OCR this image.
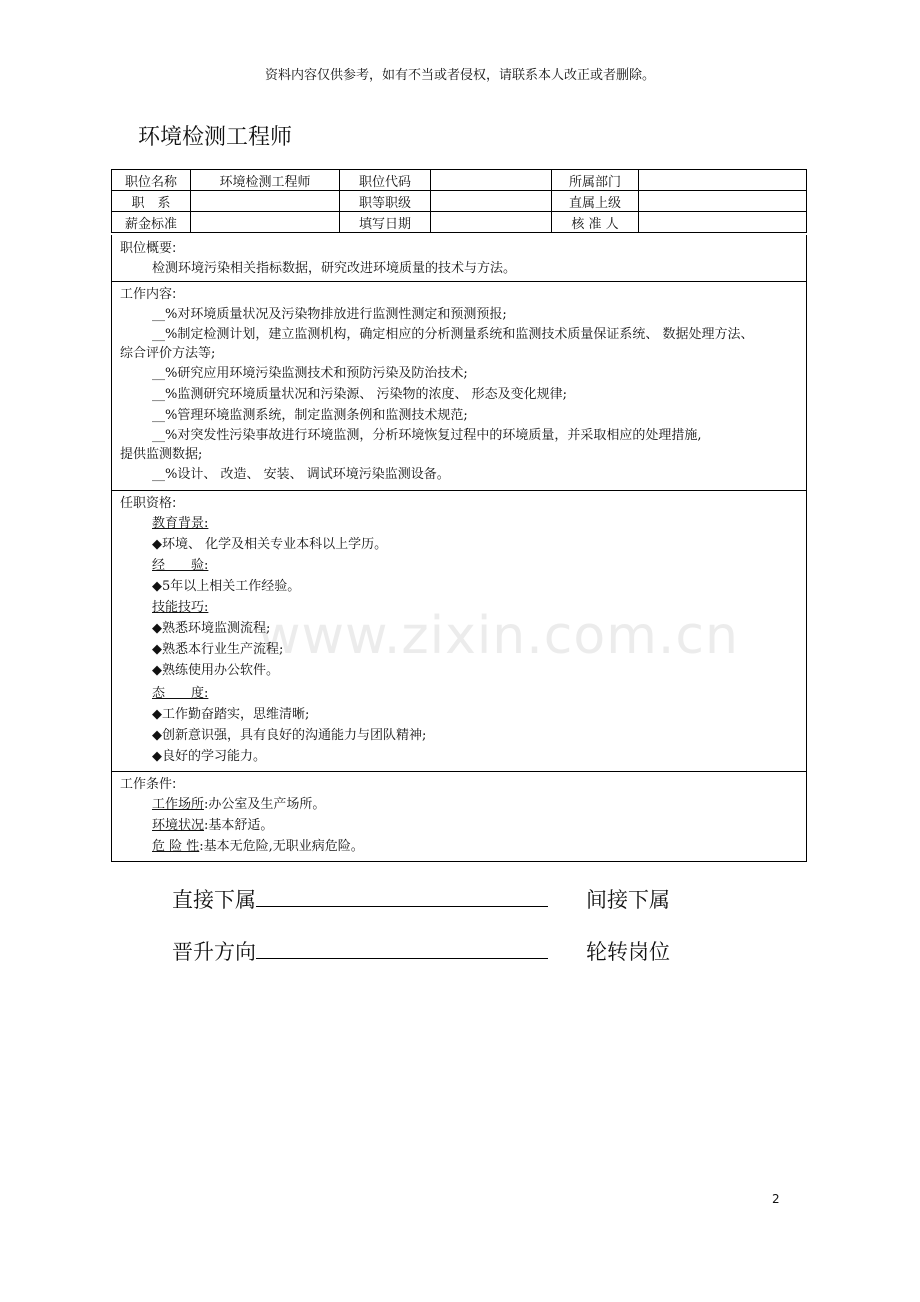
www.zixin.com.cn
资料内容仅供参考，如有不当或者侵权，请联系本人改正或者删除。
环境检测工程师
职位名称	环境检测工程师	职位代码		所属部门	
职　系		职等职级		直属上级	
薪金标准		填写日期		核 准 人	
职位概要:
检测环境污染相关指标数据，研究改进环境质量的技术与方法。
工作内容:
__%对环境质量状况及污染物排放进行监测性测定和预测预报;
__%制定检测计划，建立监测机构，确定相应的分析测量系统和监测技术质量保证系统、 数据处理方法、
综合评价方法等;
__%研究应用环境污染监测技术和预防污染及防治技术;
__%监测研究环境质量状况和污染源、 污染物的浓度、 形态及变化规律;
__%管理环境监测系统，制定监测条例和监测技术规范;
__%对突发性污染事故进行环境监测，分析环境恢复过程中的环境质量，并采取相应的处理措施,
提供监测数据;
__%设计、 改造、 安装、 调试环境污染监测设备。
任职资格:
教育背景:
◆环境、 化学及相关专业本科以上学历。
经　　验:
◆5年以上相关工作经验。
技能技巧:
◆熟悉环境监测流程;
◆熟悉本行业生产流程;
◆熟练使用办公软件。
态　　度:
◆工作勤奋踏实，思维清晰;
◆创新意识强，具有良好的沟通能力与团队精神;
◆良好的学习能力。
工作条件:
工作场所:办公室及生产场所。
环境状况:基本舒适。
危 险 性:基本无危险,无职业病危险。
直接下属	间接下属
晋升方向	轮转岗位
2
